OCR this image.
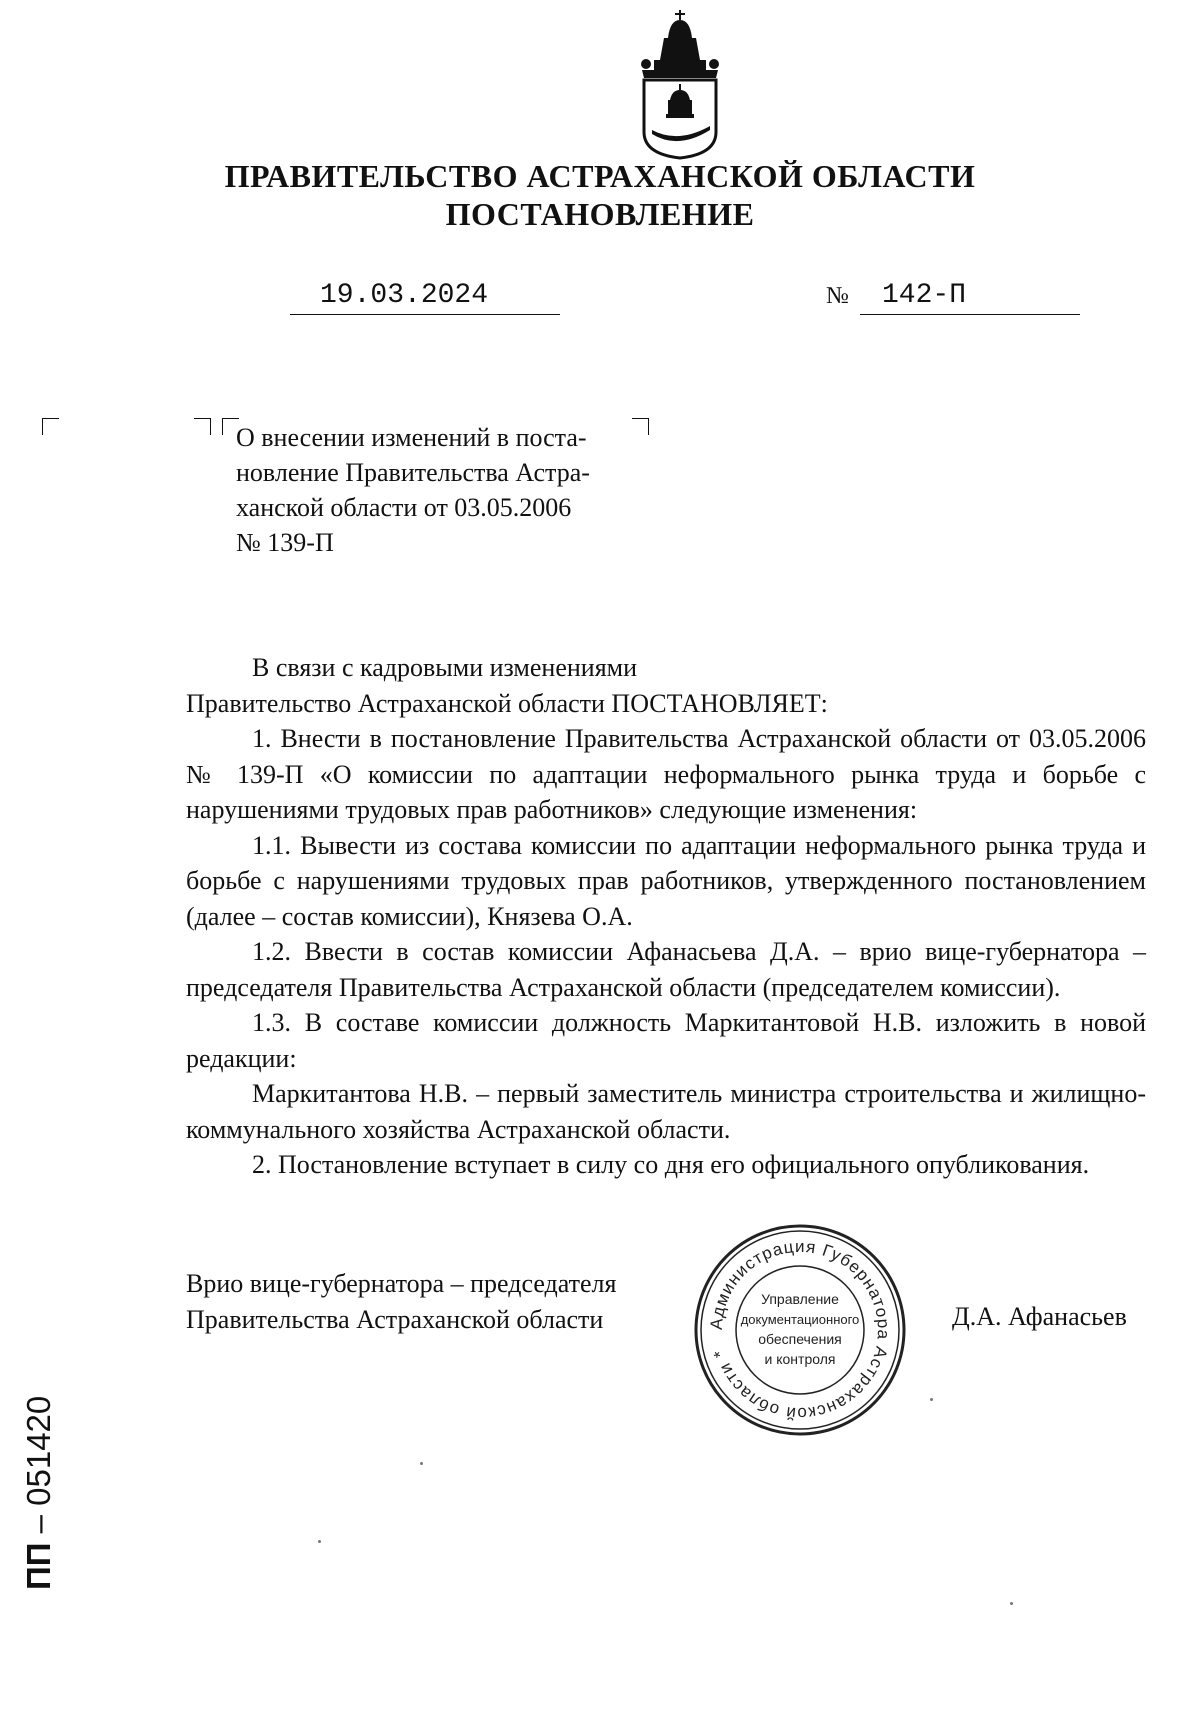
ПРАВИТЕЛЬСТВО АСТРАХАНСКОЙ ОБЛАСТИ
ПОСТАНОВЛЕНИЕ
19.03.2024	№ 142-П
О внесении изменений в поста-
новление Правительства Астра-
ханской области от 03.05.2006
№ 139-П

В связи с кадровыми изменениями

Правительство Астраханской области ПОСТАНОВЛЯЕТ:

1. Внести в постановление Правительства Астраханской области от 03.05.2006 № 139-П «О комиссии по адаптации неформального рынка труда и борьбе с нарушениями трудовых прав работников» следующие изменения:

1.1. Вывести из состава комиссии по адаптации неформального рынка труда и борьбе с нарушениями трудовых прав работников, утвержденного постановлением (далее – состав комиссии), Князева О.А.

1.2. Ввести в состав комиссии Афанасьева Д.А. – врио вице-губернатора – председателя Правительства Астраханской области (председателем комиссии).

1.3. В составе комиссии должность Маркитантовой Н.В. изложить в новой редакции:

Маркитантова Н.В. – первый заместитель министра строительства и жилищно-коммунального хозяйства Астраханской области.

2. Постановление вступает в силу со дня его официального опубликования.

Врио вице-губернатора – председателя
Правительства Астраханской области	Администрация Губернатора Астраханской области *
Управление
документационного
обеспечения
и контроля
Д.А. Афанасьев
ПП – 051420
